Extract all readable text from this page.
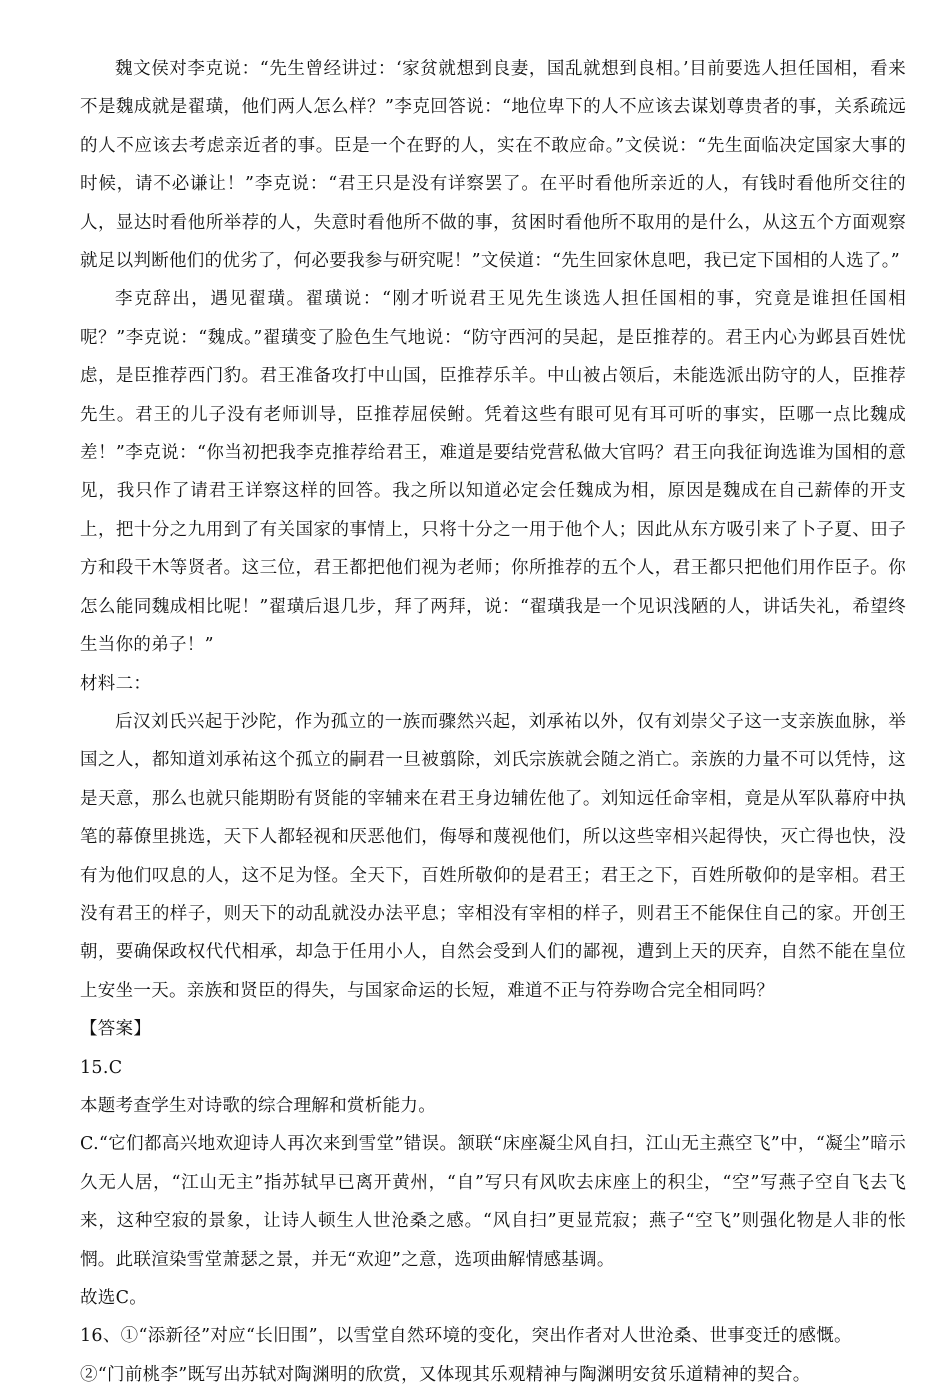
魏文侯对李克说：“先生曾经讲过：‘家贫就想到良妻，国乱就想到良相。’目前要选人担任国相，看来不是魏成就是翟璜，他们两人怎么样？”李克回答说：“地位卑下的人不应该去谋划尊贵者的事，关系疏远的人不应该去考虑亲近者的事。臣是一个在野的人，实在不敢应命。”文侯说：“先生面临决定国家大事的时候，请不必谦让！”李克说：“君王只是没有详察罢了。在平时看他所亲近的人，有钱时看他所交往的人，显达时看他所举荐的人，失意时看他所不做的事，贫困时看他所不取用的是什么，从这五个方面观察就足以判断他们的优劣了，何必要我参与研究呢！”文侯道：“先生回家休息吧，我已定下国相的人选了。”

李克辞出，遇见翟璜。翟璜说：“刚才听说君王见先生谈选人担任国相的事，究竟是谁担任国相呢？”李克说：“魏成。”翟璜变了脸色生气地说：“防守西河的吴起，是臣推荐的。君王内心为邺县百姓忧虑，是臣推荐西门豹。君王准备攻打中山国，臣推荐乐羊。中山被占领后，未能选派出防守的人，臣推荐先生。君王的儿子没有老师训导，臣推荐屈侯鲋。凭着这些有眼可见有耳可听的事实，臣哪一点比魏成差！”李克说：“你当初把我李克推荐给君王，难道是要结党营私做大官吗？君王向我征询选谁为国相的意见，我只作了请君王详察这样的回答。我之所以知道必定会任魏成为相，原因是魏成在自己薪俸的开支上，把十分之九用到了有关国家的事情上，只将十分之一用于他个人；因此从东方吸引来了卜子夏、田子方和段干木等贤者。这三位，君王都把他们视为老师；你所推荐的五个人，君王都只把他们用作臣子。你怎么能同魏成相比呢！”翟璜后退几步，拜了两拜，说：“翟璜我是一个见识浅陋的人，讲话失礼，希望终生当你的弟子！”

材料二：

后汉刘氏兴起于沙陀，作为孤立的一族而骤然兴起，刘承祐以外，仅有刘崇父子这一支亲族血脉，举国之人，都知道刘承祐这个孤立的嗣君一旦被翦除，刘氏宗族就会随之消亡。亲族的力量不可以凭恃，这是天意，那么也就只能期盼有贤能的宰辅来在君王身边辅佐他了。刘知远任命宰相，竟是从军队幕府中执笔的幕僚里挑选，天下人都轻视和厌恶他们，侮辱和蔑视他们，所以这些宰相兴起得快，灭亡得也快，没有为他们叹息的人，这不足为怪。全天下，百姓所敬仰的是君王；君王之下，百姓所敬仰的是宰相。君王没有君王的样子，则天下的动乱就没办法平息；宰相没有宰相的样子，则君王不能保住自己的家。开创王朝，要确保政权代代相承，却急于任用小人，自然会受到人们的鄙视，遭到上天的厌弃，自然不能在皇位上安坐一天。亲族和贤臣的得失，与国家命运的长短，难道不正与符券吻合完全相同吗？

【答案】

15.C

本题考查学生对诗歌的综合理解和赏析能力。

C.“它们都高兴地欢迎诗人再次来到雪堂”错误。颔联“床座凝尘风自扫，江山无主燕空飞”中，“凝尘”暗示久无人居，“江山无主”指苏轼早已离开黄州，“自”写只有风吹去床座上的积尘，“空”写燕子空自飞去飞来，这种空寂的景象，让诗人顿生人世沧桑之感。“风自扫”更显荒寂；燕子“空飞”则强化物是人非的怅惘。此联渲染雪堂萧瑟之景，并无“欢迎”之意，选项曲解情感基调。

故选C。

16、①“添新径”对应“长旧围”，以雪堂自然环境的变化，突出作者对人世沧桑、世事变迁的感慨。

②“门前桃李”既写出苏轼对陶渊明的欣赏，又体现其乐观精神与陶渊明安贫乐道精神的契合。
